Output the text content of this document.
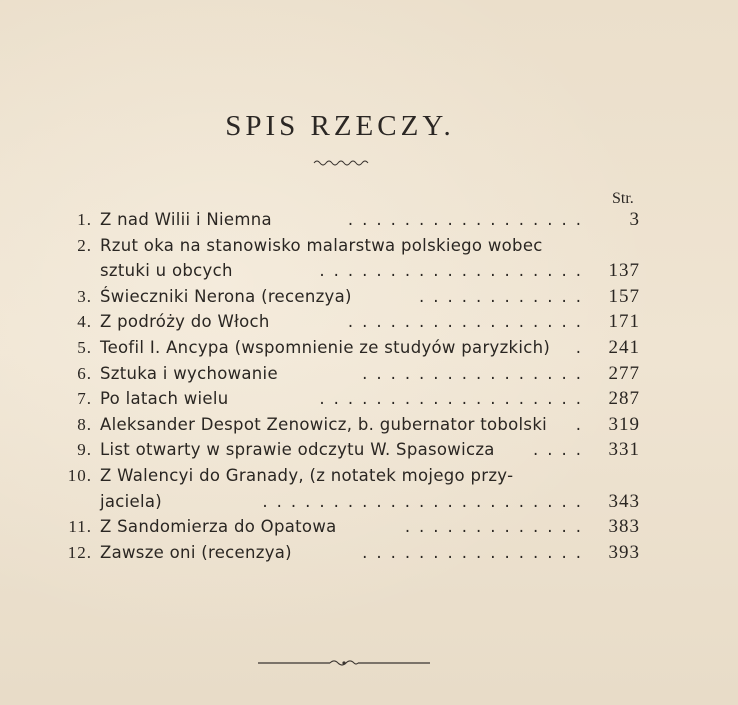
SPIS RZECZY.
Str.
1. Z nad Wilii i Niemna	3
.................
2. Rzut oka na stanowisko malarstwa polskiego wobec
sztuki u obcych	137
...................
3. Świeczniki Nerona (recenzya)	157
............
4. Z podróży do Włoch	171
.................
5. Teofil I. Ancypa (wspomnienie ze studyów paryzkich)	241
.
6. Sztuka i wychowanie	277
................
7. Po latach wielu	287
...................
8. Aleksander Despot Zenowicz, b. gubernator tobolski	319
.
9. List otwarty w sprawie odczytu W. Spasowicza	331
....
10. Z Walencyi do Granady, (z notatek mojego przy-
jaciela)	343
.......................
11. Z Sandomierza do Opatowa	383
.............
12. Zawsze oni (recenzya)	393
................
